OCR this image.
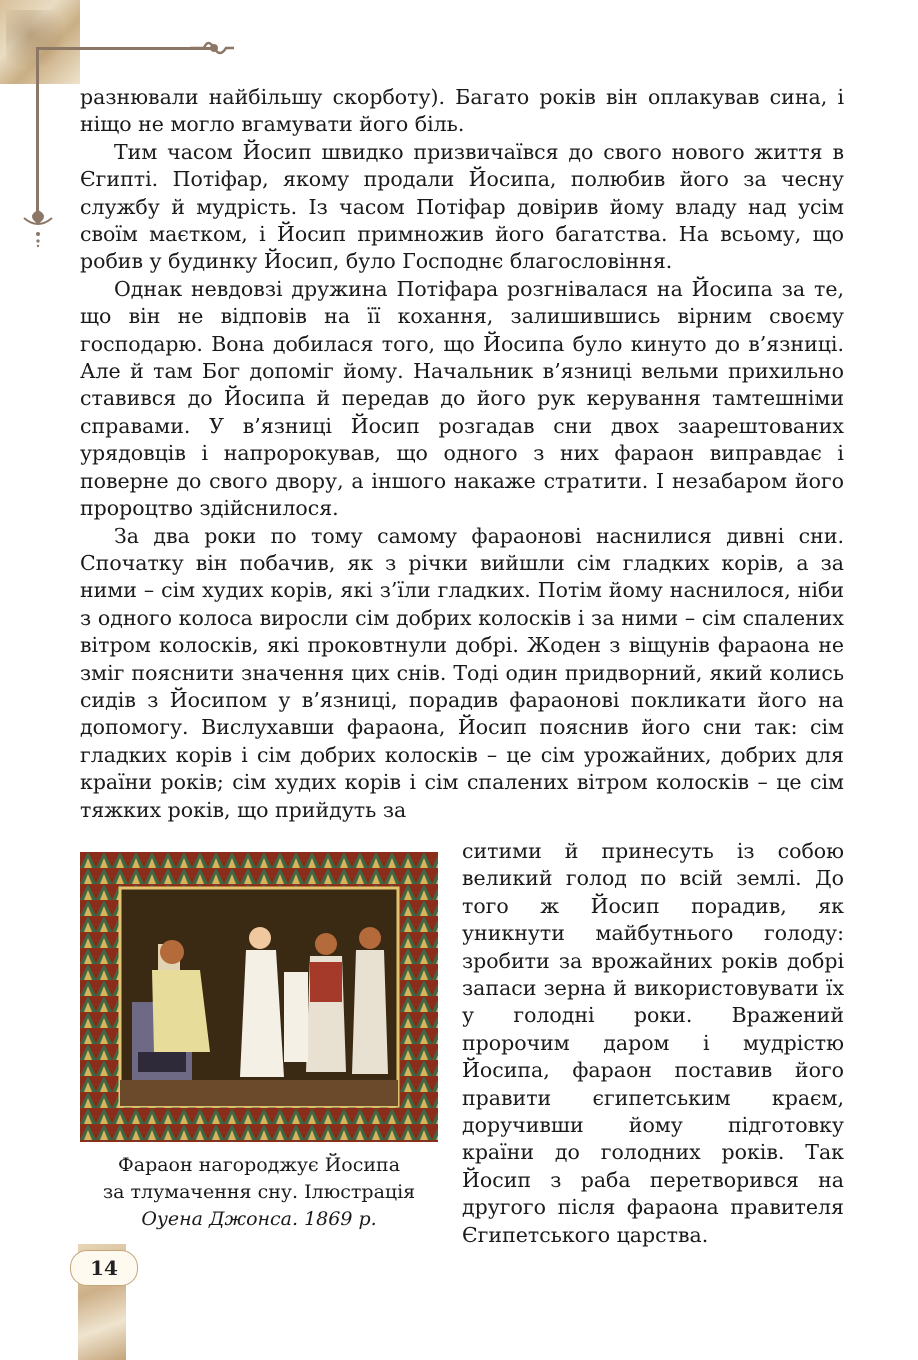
разнювали найбільшу скорботу). Багато років він оплакував сина, і ніщо не могло вгамувати його біль.

Тим часом Йосип швидко призвичаївся до свого нового життя в Єгипті. Потіфар, якому продали Йосипа, полюбив його за чесну службу й мудрість. Із часом Потіфар довірив йому владу над усім своїм маєтком, і Йосип примножив його багатства. На всьому, що робив у будинку Йосип, було Господнє благословіння.

Однак невдовзі дружина Потіфара розгнівалася на Йосипа за те, що він не відповів на її кохання, залишившись вірним своєму господарю. Вона добилася того, що Йосипа було кинуто до в’язниці. Але й там Бог допоміг йому. Начальник в’язниці вельми прихильно ставився до Йосипа й передав до його рук керування тамтешніми справами. У в’язниці Йосип розгадав сни двох заарештованих урядовців і напророкував, що одного з них фараон виправдає і поверне до свого двору, а іншого накаже стратити. І незабаром його пророцтво здійснилося.

За два роки по тому самому фараонові наснилися дивні сни. Спочатку він побачив, як з річки вийшли сім гладких корів, а за ними – сім худих корів, які з’їли гладких. Потім йому наснилося, ніби з одного колоса виросли сім добрих колосків і за ними – сім спалених вітром колосків, які проковтнули добрі. Жоден з віщунів фараона не зміг пояснити значення цих снів. Тоді один придворний, який колись сидів з Йосипом у в’язниці, порадив фараонові покликати його на допомогу. Вислухавши фараона, Йосип пояснив його сни так: сім гладких корів і сім добрих колосків – це сім урожайних, добрих для країни років; сім худих корів і сім спалених вітром колосків – це сім тяжких років, що прийдуть за

Фараон нагороджує Йосипа
за тлумачення сну. Ілюстрація
Оуена Джонса. 1869 р.

ситими й принесуть із собою великий голод по всій землі. До того ж Йосип порадив, як уникнути майбутнього голоду: зробити за врожайних років добрі запаси зерна й використовувати їх у голодні роки. Вражений пророчим даром і мудрістю Йосипа, фараон поставив його правити єгипетським краєм, доручивши йому підготовку країни до голодних років. Так Йосип з раба перетворився на другого після фараона правителя Єгипетського царства.

14
